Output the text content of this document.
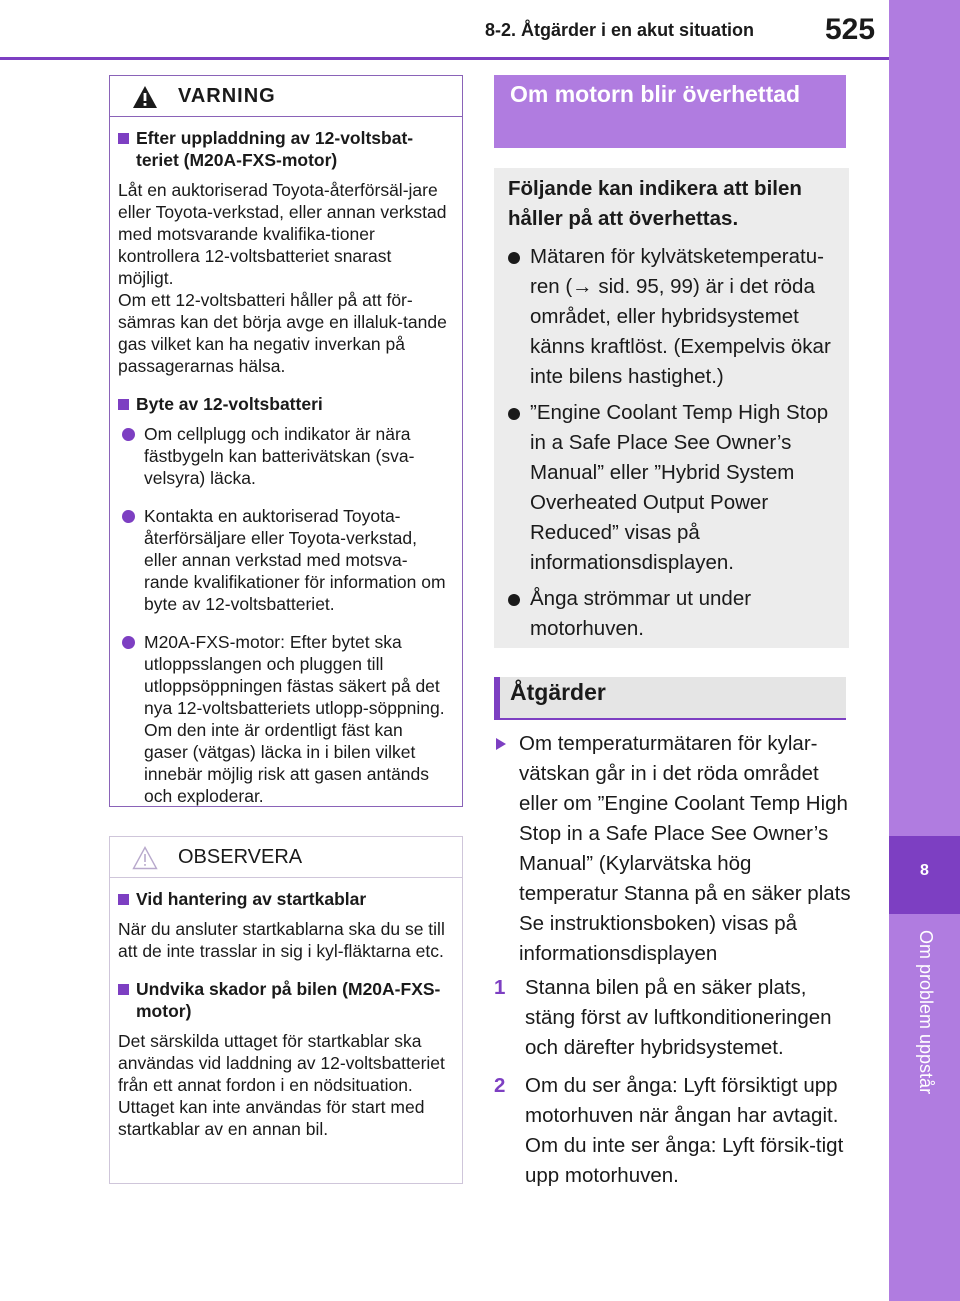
8-2. Åtgärder i en akut situation 525
8
Om problem uppstår
VARNING
Efter uppladdning av 12-voltsbat-teriet (M20A-FXS-motor)
Låt en auktoriserad Toyota-återförsäl-jare eller Toyota-verkstad, eller annan verkstad med motsvarande kvalifika-tioner kontrollera 12-voltsbatteriet snarast möjligt.
Om ett 12-voltsbatteri håller på att för-sämras kan det börja avge en illaluk-tande gas vilket kan ha negativ inverkan på passagerarnas hälsa.
Byte av 12-voltsbatteri
Om cellplugg och indikator är nära fästbygeln kan batterivätskan (sva-velsyra) läcka.
Kontakta en auktoriserad Toyota-återförsäljare eller Toyota-verkstad, eller annan verkstad med motsva-rande kvalifikationer för information om byte av 12-voltsbatteriet.
M20A-FXS-motor: Efter bytet ska utloppsslangen och pluggen till utloppsöppningen fästas säkert på det nya 12-voltsbatteriets utlopp-söppning. Om den inte är ordentligt fäst kan gaser (vätgas) läcka in i bilen vilket innebär möjlig risk att gasen antänds och exploderar.
OBSERVERA
Vid hantering av startkablar
När du ansluter startkablarna ska du se till att de inte trasslar in sig i kyl-fläktarna etc.
Undvika skador på bilen (M20A-FXS-motor)
Det särskilda uttaget för startkablar ska användas vid laddning av 12-voltsbatteriet från ett annat fordon i en nödsituation. Uttaget kan inte användas för start med startkablar av en annan bil.
Om motorn blir överhettad
Följande kan indikera att bilen håller på att överhettas.
Mätaren för kylvätsketemperatu-ren (→ sid. 95, 99) är i det röda området, eller hybridsystemet känns kraftlöst. (Exempelvis ökar inte bilens hastighet.)
”Engine Coolant Temp High Stop in a Safe Place See Owner’s Manual” eller ”Hybrid System Overheated Output Power Reduced” visas på informationsdisplayen.
Ånga strömmar ut under motorhuven.
Åtgärder
Om temperaturmätaren för kylar-vätskan går in i det röda området eller om ”Engine Coolant Temp High Stop in a Safe Place See Owner’s Manual” (Kylarvätska hög temperatur Stanna på en säker plats Se instruktionsboken) visas på informationsdisplayen
1 Stanna bilen på en säker plats, stäng först av luftkonditioneringen och därefter hybridsystemet.
2 Om du ser ånga: Lyft försiktigt upp motorhuven när ångan har avtagit.
Om du inte ser ånga: Lyft försik-tigt upp motorhuven.
